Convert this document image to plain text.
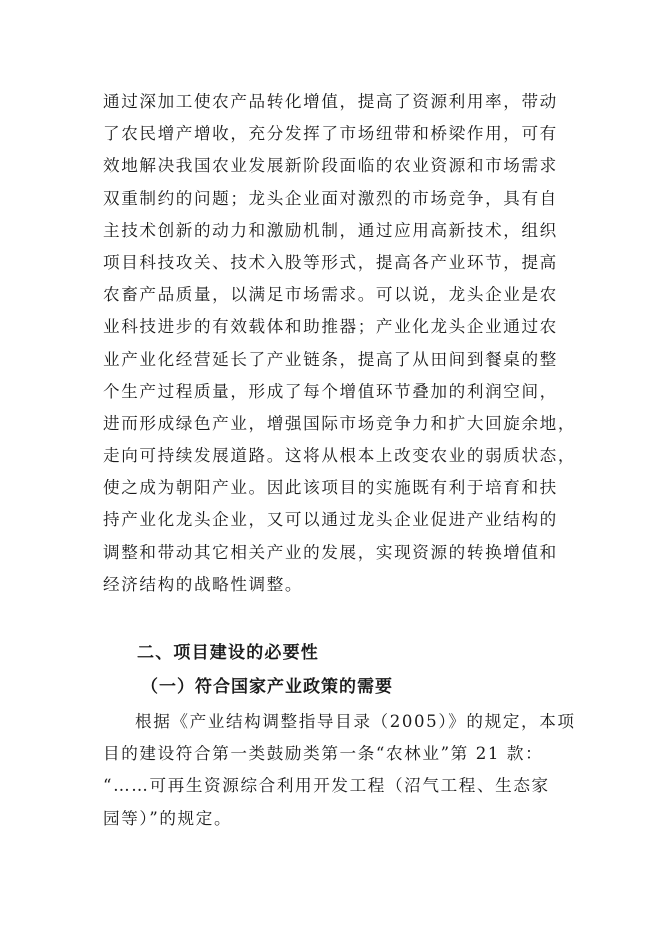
通过深加工使农产品转化增值，提高了资源利用率，带动
了农民增产增收，充分发挥了市场纽带和桥梁作用，可有
效地解决我国农业发展新阶段面临的农业资源和市场需求
双重制约的问题；龙头企业面对激烈的市场竞争，具有自
主技术创新的动力和激励机制，通过应用高新技术，组织
项目科技攻关、技术入股等形式，提高各产业环节，提高
农畜产品质量，以满足市场需求。可以说，龙头企业是农
业科技进步的有效载体和助推器；产业化龙头企业通过农
业产业化经营延长了产业链条，提高了从田间到餐桌的整
个生产过程质量，形成了每个增值环节叠加的利润空间，
进而形成绿色产业，增强国际市场竞争力和扩大回旋余地，
走向可持续发展道路。这将从根本上改变农业的弱质状态，
使之成为朝阳产业。因此该项目的实施既有利于培育和扶
持产业化龙头企业，又可以通过龙头企业促进产业结构的
调整和带动其它相关产业的发展，实现资源的转换增值和
经济结构的战略性调整。
二、项目建设的必要性
（一）符合国家产业政策的需要
根据《产业结构调整指导目录（2005）》的规定，本项
目的建设符合第一类鼓励类第一条“农林业”第 21 款：
“……可再生资源综合利用开发工程（沼气工程、生态家
园等）”的规定。
